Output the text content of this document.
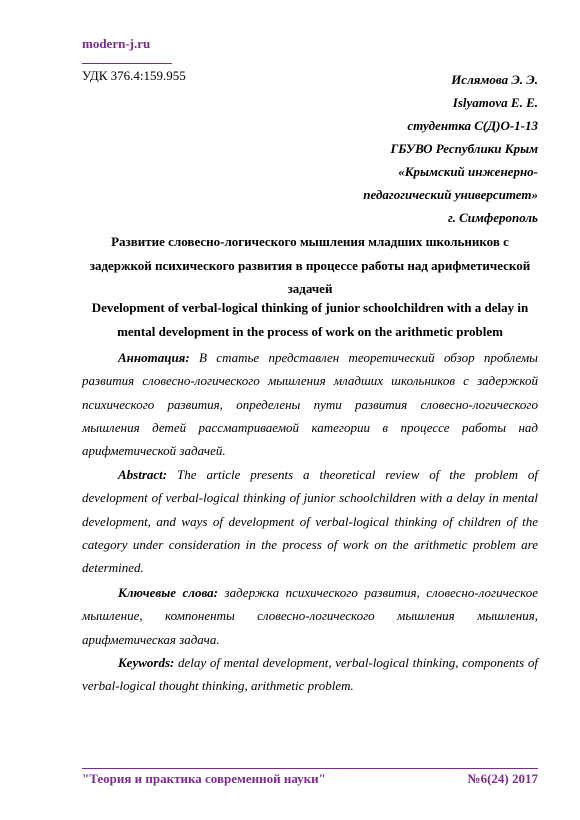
modern-j.ru
УДК 376.4:159.955	Ислямова Э. Э.
Islyamova E. E.
студентка С(Д)О-1-13
ГБУВО Республики Крым
«Крымский инженерно-
педагогический университет»
г. Симферополь
Развитие словесно-логического мышления младших школьников с задержкой психического развития в процессе работы над арифметической задачей
Development of verbal-logical thinking of junior schoolchildren with a delay in mental development in the process of work on the arithmetic problem
Аннотация: В статье представлен теоретический обзор проблемы развития словесно-логического мышления младших школьников с задержкой психического развития, определены пути развития словесно-логического мышления детей рассматриваемой категории в процессе работы над арифметической задачей.
Abstract: The article presents a theoretical review of the problem of development of verbal-logical thinking of junior schoolchildren with a delay in mental development, and ways of development of verbal-logical thinking of children of the category under consideration in the process of work on the arithmetic problem are determined.
Ключевые слова: задержка психического развития, словесно-логическое мышление, компоненты словесно-логического мышления мышления, арифметическая задача.
Keywords: delay of mental development, verbal-logical thinking, components of verbal-logical thought thinking, arithmetic problem.
"Теория и практика современной науки"	№6(24) 2017
